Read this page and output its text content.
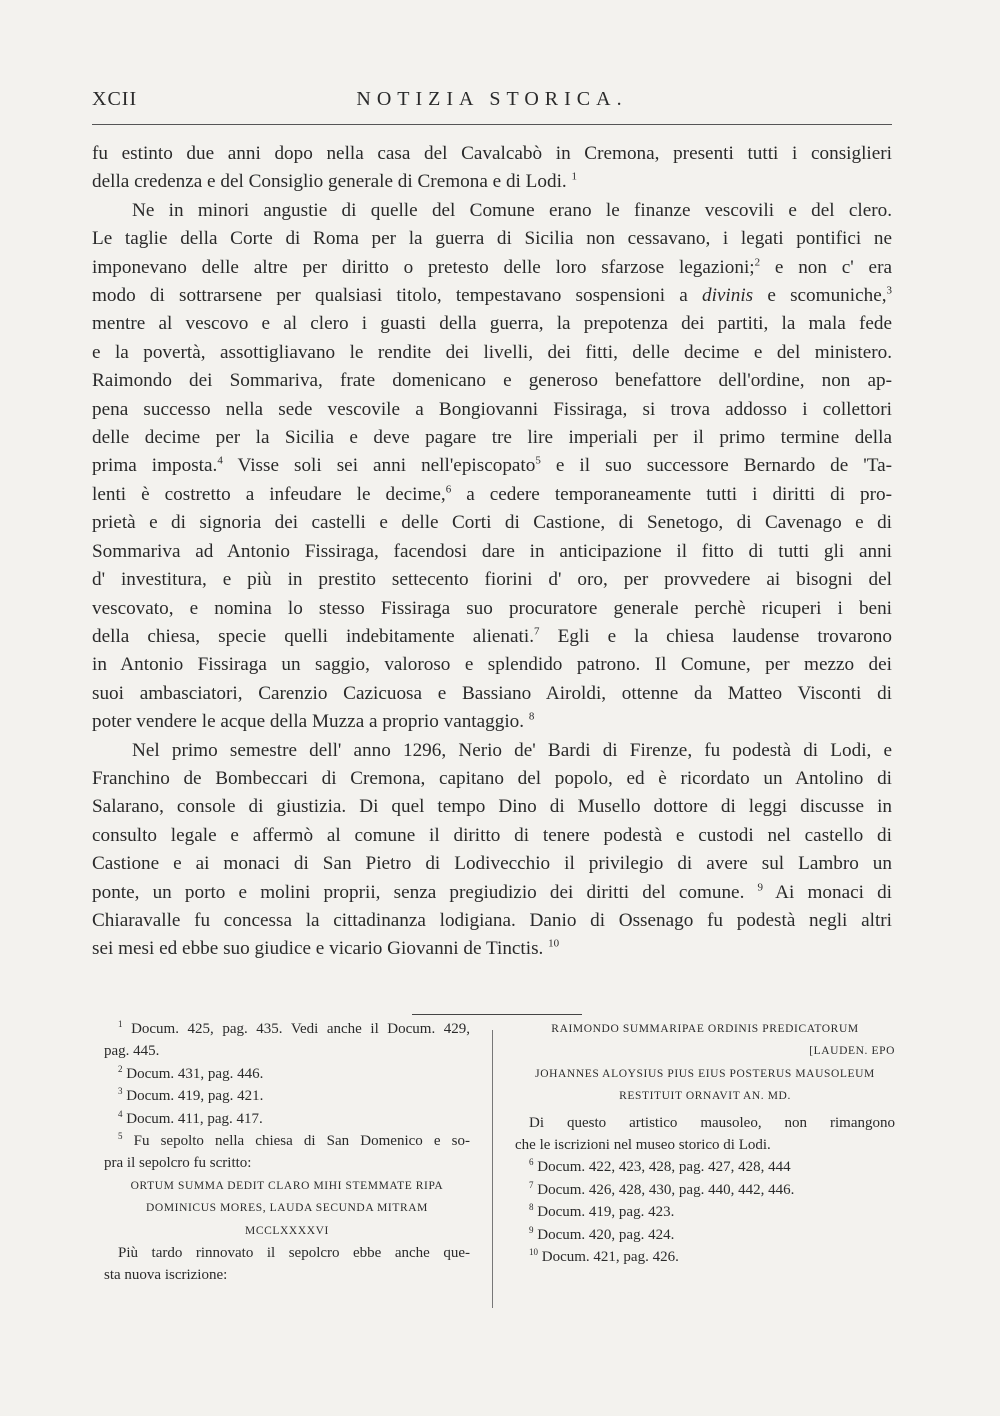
XCII	NOTIZIA STORICA.

fu estinto due anni dopo nella casa del Cavalcabò in Cremona, presenti tutti i consiglieri

della credenza e del Consiglio generale di Cremona e di Lodi. $^1$

Ne in minori angustie di quelle del Comune erano le finanze vescovili e del clero.

Le taglie della Corte di Roma per la guerra di Sicilia non cessavano, i legati pontifici ne

imponevano delle altre per diritto o pretesto delle loro sfarzose legazioni;$^2$ e non c' era

modo di sottrarsene per qualsiasi titolo, tempestavano sospensioni a divinis e scomuniche,$^3$

mentre al vescovo e al clero i guasti della guerra, la prepotenza dei partiti, la mala fede

e la povertà, assottigliavano le rendite dei livelli, dei fitti, delle decime e del ministero.

Raimondo dei Sommariva, frate domenicano e generoso benefattore dell'ordine, non ap-

pena successo nella sede vescovile a Bongiovanni Fissiraga, si trova addosso i collettori

delle decime per la Sicilia e deve pagare tre lire imperiali per il primo termine della

prima imposta.$^4$ Visse soli sei anni nell'episcopato$^5$ e il suo successore Bernardo de 'Ta-

lenti è costretto a infeudare le decime,$^6$ a cedere temporaneamente tutti i diritti di pro-

prietà e di signoria dei castelli e delle Corti di Castione, di Senetogo, di Cavenago e di

Sommariva ad Antonio Fissiraga, facendosi dare in anticipazione il fitto di tutti gli anni

d' investitura, e più in prestito settecento fiorini d' oro, per provvedere ai bisogni del

vescovato, e nomina lo stesso Fissiraga suo procuratore generale perchè ricuperi i beni

della chiesa, specie quelli indebitamente alienati.$^7$ Egli e la chiesa laudense trovarono

in Antonio Fissiraga un saggio, valoroso e splendido patrono. Il Comune, per mezzo dei

suoi ambasciatori, Carenzio Cazicuosa e Bassiano Airoldi, ottenne da Matteo Visconti di

poter vendere le acque della Muzza a proprio vantaggio. $^8$

Nel primo semestre dell' anno 1296, Nerio de' Bardi di Firenze, fu podestà di Lodi, e

Franchino de Bombeccari di Cremona, capitano del popolo, ed è ricordato un Antolino di

Salarano, console di giustizia. Di quel tempo Dino di Musello dottore di leggi discusse in

consulto legale e affermò al comune il diritto di tenere podestà e custodi nel castello di

Castione e ai monaci di San Pietro di Lodivecchio il privilegio di avere sul Lambro un

ponte, un porto e molini proprii, senza pregiudizio dei diritti del comune. $^9$ Ai monaci di

Chiaravalle fu concessa la cittadinanza lodigiana. Danio di Ossenago fu podestà negli altri

sei mesi ed ebbe suo giudice e vicario Giovanni de Tinctis. $^{10}$

$^1$ Docum. 425, pag. 435. Vedi anche il Docum. 429,

pag. 445.

$^2$ Docum. 431, pag. 446.

$^3$ Docum. 419, pag. 421.

$^4$ Docum. 411, pag. 417.

$^5$ Fu sepolto nella chiesa di San Domenico e so-

pra il sepolcro fu scritto:

ORTUM SUMMA DEDIT CLARO MIHI STEMMATE RIPA

DOMINICUS MORES, LAUDA SECUNDA MITRAM

MCCLXXXXVI

Più tardo rinnovato il sepolcro ebbe anche que-

sta nuova iscrizione:

RAIMONDO SUMMARIPAE ORDINIS PREDICATORUM

[LAUDEN. EPO

JOHANNES ALOYSIUS PIUS EIUS POSTERUS MAUSOLEUM

RESTITUIT ORNAVIT AN. MD.

Di questo artistico mausoleo, non rimangono

che le iscrizioni nel museo storico di Lodi.

$^6$ Docum. 422, 423, 428, pag. 427, 428, 444

$^7$ Docum. 426, 428, 430, pag. 440, 442, 446.

$^8$ Docum. 419, pag. 423.

$^9$ Docum. 420, pag. 424.

$^{10}$ Docum. 421, pag. 426.
